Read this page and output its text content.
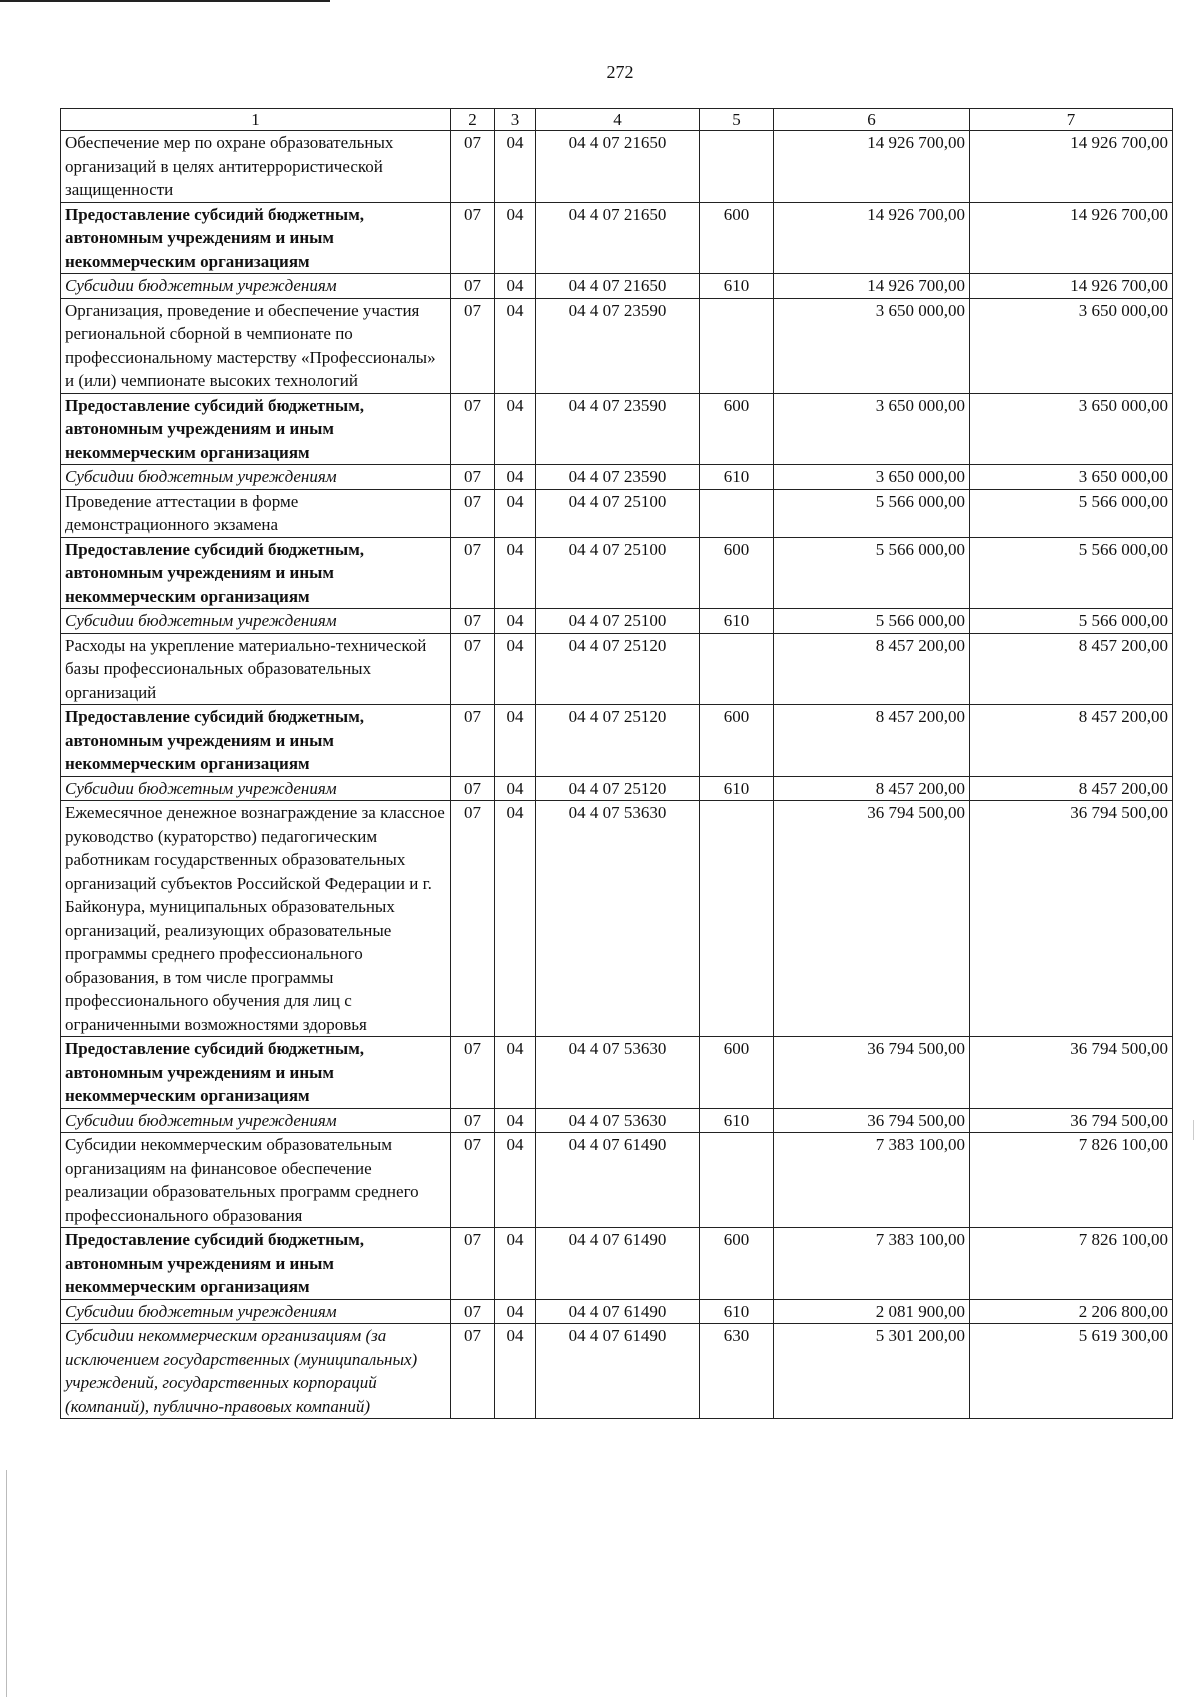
272
1	2	3	4	5	6	7
Обеспечение мер по охране образовательных организаций в целях антитеррористической защищенности	07	04	04 4 07 21650		14 926 700,00	14 926 700,00
Предоставление субсидий бюджетным, автономным учреждениям и иным некоммерческим организациям	07	04	04 4 07 21650	600	14 926 700,00	14 926 700,00
Субсидии бюджетным учреждениям	07	04	04 4 07 21650	610	14 926 700,00	14 926 700,00
Организация, проведение и обеспечение участия региональной сборной в чемпионате по профессиональному мастерству «Профессионалы» и (или) чемпионате высоких технологий	07	04	04 4 07 23590		3 650 000,00	3 650 000,00
Предоставление субсидий бюджетным, автономным учреждениям и иным некоммерческим организациям	07	04	04 4 07 23590	600	3 650 000,00	3 650 000,00
Субсидии бюджетным учреждениям	07	04	04 4 07 23590	610	3 650 000,00	3 650 000,00
Проведение аттестации в форме демонстрационного экзамена	07	04	04 4 07 25100		5 566 000,00	5 566 000,00
Предоставление субсидий бюджетным, автономным учреждениям и иным некоммерческим организациям	07	04	04 4 07 25100	600	5 566 000,00	5 566 000,00
Субсидии бюджетным учреждениям	07	04	04 4 07 25100	610	5 566 000,00	5 566 000,00
Расходы на укрепление материально-технической базы профессиональных образовательных организаций	07	04	04 4 07 25120		8 457 200,00	8 457 200,00
Предоставление субсидий бюджетным, автономным учреждениям и иным некоммерческим организациям	07	04	04 4 07 25120	600	8 457 200,00	8 457 200,00
Субсидии бюджетным учреждениям	07	04	04 4 07 25120	610	8 457 200,00	8 457 200,00
Ежемесячное денежное вознаграждение за классное руководство (кураторство) педагогическим работникам государственных образовательных организаций субъектов Российской Федерации и г. Байконура, муниципальных образовательных организаций, реализующих образовательные программы среднего профессионального образования, в том числе программы профессионального обучения для лиц с ограниченными возможностями здоровья	07	04	04 4 07 53630		36 794 500,00	36 794 500,00
Предоставление субсидий бюджетным, автономным учреждениям и иным некоммерческим организациям	07	04	04 4 07 53630	600	36 794 500,00	36 794 500,00
Субсидии бюджетным учреждениям	07	04	04 4 07 53630	610	36 794 500,00	36 794 500,00
Субсидии некоммерческим образовательным организациям на финансовое обеспечение реализации образовательных программ среднего профессионального образования	07	04	04 4 07 61490		7 383 100,00	7 826 100,00
Предоставление субсидий бюджетным, автономным учреждениям и иным некоммерческим организациям	07	04	04 4 07 61490	600	7 383 100,00	7 826 100,00
Субсидии бюджетным учреждениям	07	04	04 4 07 61490	610	2 081 900,00	2 206 800,00
Субсидии некоммерческим организациям (за исключением государственных (муниципальных) учреждений, государственных корпораций (компаний), публично-правовых компаний)	07	04	04 4 07 61490	630	5 301 200,00	5 619 300,00
